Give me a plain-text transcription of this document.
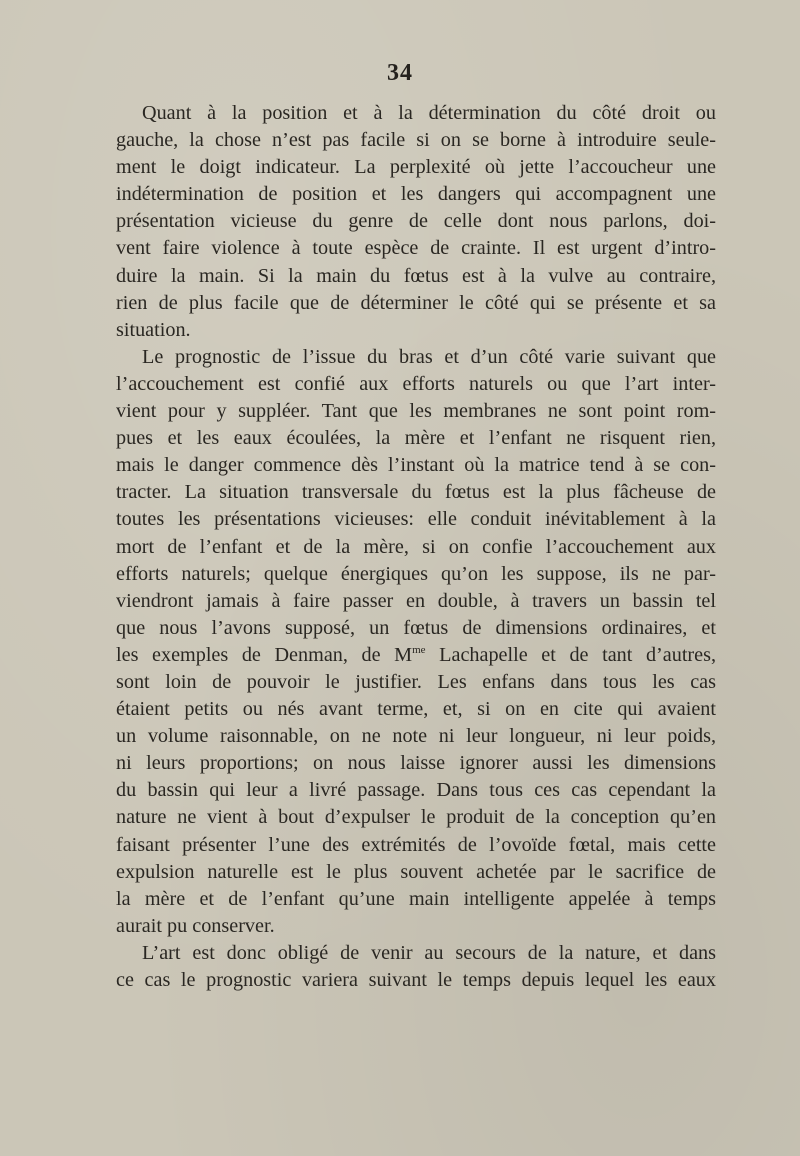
34

Quant à la position et à la détermination du côté droit ou
gauche, la chose n’est pas facile si on se borne à introduire seule-
ment le doigt indicateur. La perplexité où jette l’accoucheur une
indétermination de position et les dangers qui accompagnent une
présentation vicieuse du genre de celle dont nous parlons, doi-
vent faire violence à toute espèce de crainte. Il est urgent d’intro-
duire la main. Si la main du fœtus est à la vulve au contraire,
rien de plus facile que de déterminer le côté qui se présente et sa
situation.

Le prognostic de l’issue du bras et d’un côté varie suivant que
l’accouchement est confié aux efforts naturels ou que l’art inter-
vient pour y suppléer. Tant que les membranes ne sont point rom-
pues et les eaux écoulées, la mère et l’enfant ne risquent rien,
mais le danger commence dès l’instant où la matrice tend à se con-
tracter. La situation transversale du fœtus est la plus fâcheuse de
toutes les présentations vicieuses: elle conduit inévitablement à la
mort de l’enfant et de la mère, si on confie l’accouchement aux
efforts naturels; quelque énergiques qu’on les suppose, ils ne par-
viendront jamais à faire passer en double, à travers un bassin tel
que nous l’avons supposé, un fœtus de dimensions ordinaires, et
les exemples de Denman, de $M^{me}$ Lachapelle et de tant d’autres,
sont loin de pouvoir le justifier. Les enfans dans tous les cas
étaient petits ou nés avant terme, et, si on en cite qui avaient
un volume raisonnable, on ne note ni leur longueur, ni leur poids,
ni leurs proportions; on nous laisse ignorer aussi les dimensions
du bassin qui leur a livré passage. Dans tous ces cas cependant la
nature ne vient à bout d’expulser le produit de la conception qu’en
faisant présenter l’une des extrémités de l’ovoïde fœtal, mais cette
expulsion naturelle est le plus souvent achetée par le sacrifice de
la mère et de l’enfant qu’une main intelligente appelée à temps
aurait pu conserver.

L’art est donc obligé de venir au secours de la nature, et dans
ce cas le prognostic variera suivant le temps depuis lequel les eaux
